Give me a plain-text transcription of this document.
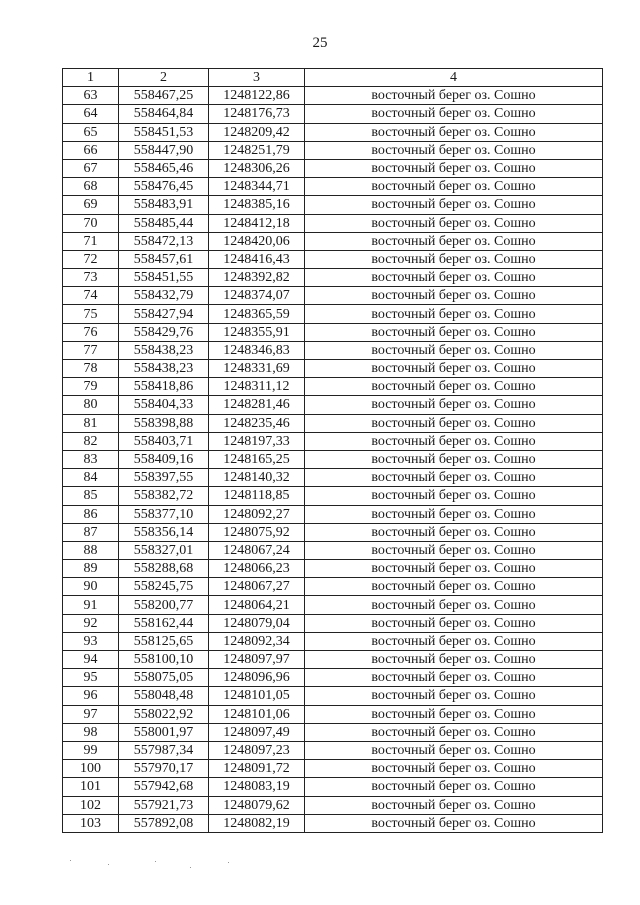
25
1	2	3	4
63	558467,25	1248122,86	восточный берег оз. Сошно
64	558464,84	1248176,73	восточный берег оз. Сошно
65	558451,53	1248209,42	восточный берег оз. Сошно
66	558447,90	1248251,79	восточный берег оз. Сошно
67	558465,46	1248306,26	восточный берег оз. Сошно
68	558476,45	1248344,71	восточный берег оз. Сошно
69	558483,91	1248385,16	восточный берег оз. Сошно
70	558485,44	1248412,18	восточный берег оз. Сошно
71	558472,13	1248420,06	восточный берег оз. Сошно
72	558457,61	1248416,43	восточный берег оз. Сошно
73	558451,55	1248392,82	восточный берег оз. Сошно
74	558432,79	1248374,07	восточный берег оз. Сошно
75	558427,94	1248365,59	восточный берег оз. Сошно
76	558429,76	1248355,91	восточный берег оз. Сошно
77	558438,23	1248346,83	восточный берег оз. Сошно
78	558438,23	1248331,69	восточный берег оз. Сошно
79	558418,86	1248311,12	восточный берег оз. Сошно
80	558404,33	1248281,46	восточный берег оз. Сошно
81	558398,88	1248235,46	восточный берег оз. Сошно
82	558403,71	1248197,33	восточный берег оз. Сошно
83	558409,16	1248165,25	восточный берег оз. Сошно
84	558397,55	1248140,32	восточный берег оз. Сошно
85	558382,72	1248118,85	восточный берег оз. Сошно
86	558377,10	1248092,27	восточный берег оз. Сошно
87	558356,14	1248075,92	восточный берег оз. Сошно
88	558327,01	1248067,24	восточный берег оз. Сошно
89	558288,68	1248066,23	восточный берег оз. Сошно
90	558245,75	1248067,27	восточный берег оз. Сошно
91	558200,77	1248064,21	восточный берег оз. Сошно
92	558162,44	1248079,04	восточный берег оз. Сошно
93	558125,65	1248092,34	восточный берег оз. Сошно
94	558100,10	1248097,97	восточный берег оз. Сошно
95	558075,05	1248096,96	восточный берег оз. Сошно
96	558048,48	1248101,05	восточный берег оз. Сошно
97	558022,92	1248101,06	восточный берег оз. Сошно
98	558001,97	1248097,49	восточный берег оз. Сошно
99	557987,34	1248097,23	восточный берег оз. Сошно
100	557970,17	1248091,72	восточный берег оз. Сошно
101	557942,68	1248083,19	восточный берег оз. Сошно
102	557921,73	1248079,62	восточный берег оз. Сошно
103	557892,08	1248082,19	восточный берег оз. Сошно
